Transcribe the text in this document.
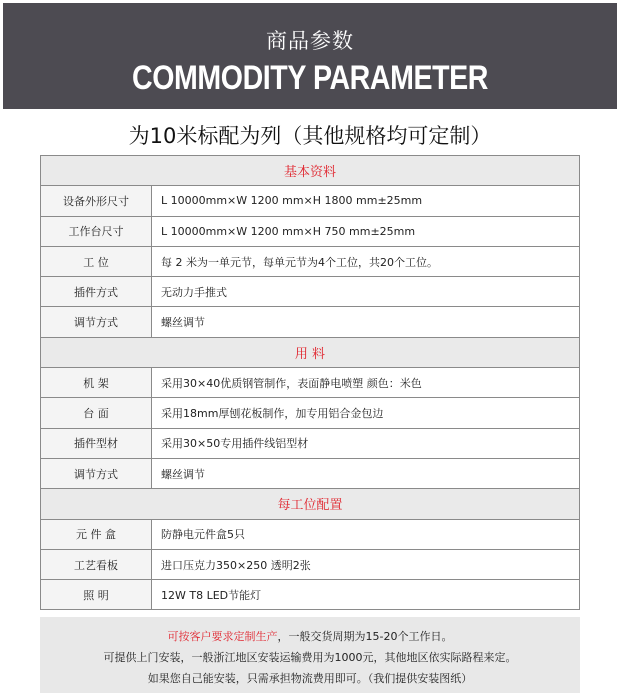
商品参数
COMMODITY PARAMETER
为10米标配为列（其他规格均可定制）
基本资料	
设备外形尺寸	L 10000mm×W 1200 mm×H 1800 mm±25mm
工作台尺寸	L 10000mm×W 1200 mm×H 750 mm±25mm
工 位	每 2 米为一单元节，每单元节为4个工位，共20个工位。
插件方式	无动力手推式
调节方式	螺丝调节
用 料	
机 架	采用30×40优质钢管制作，表面静电喷塑 颜色：米色
台 面	采用18mm厚刨花板制作，加专用铝合金包边
插件型材	采用30×50专用插件线铝型材
调节方式	螺丝调节
每工位配置	
元 件 盒	防静电元件盒5只
工艺看板	进口压克力350×250 透明2张
照 明	12W T8 LED节能灯
可按客户要求定制生产，一般交货周期为15-20个工作日。
可提供上门安装，一般浙江地区安装运输费用为1000元，其他地区依实际路程来定。
如果您自己能安装，只需承担物流费用即可。（我们提供安装图纸）
